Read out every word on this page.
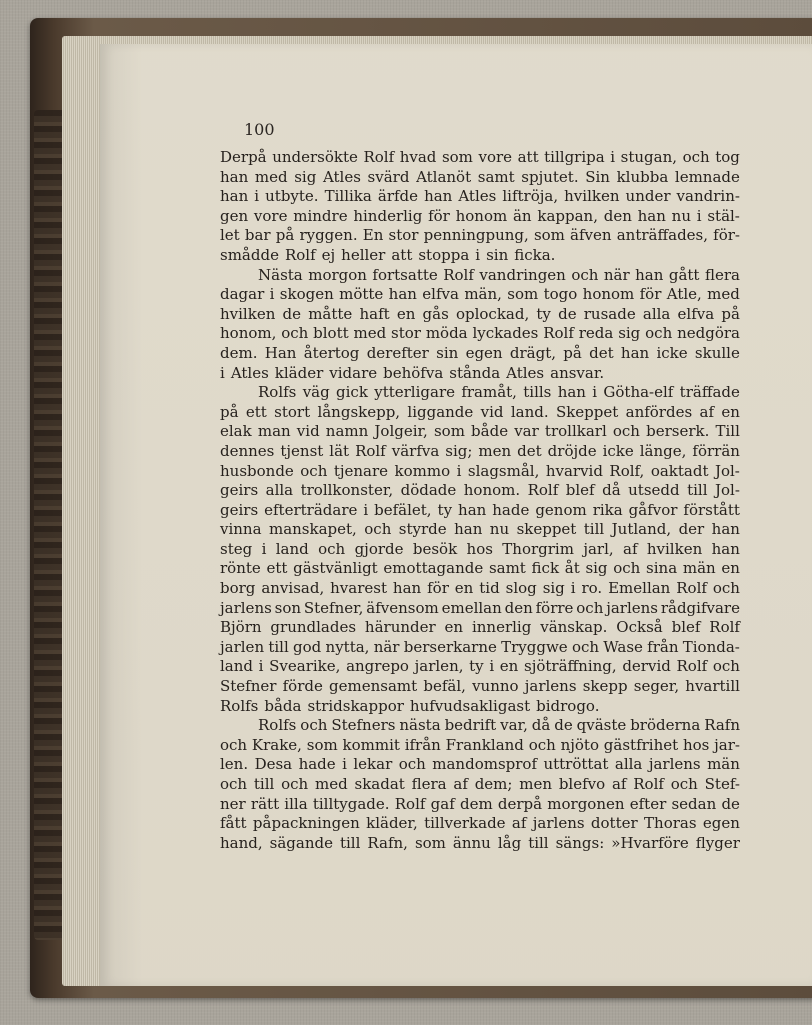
100
Derpå undersökte Rolf hvad som vore att tillgripa i stugan, och tog
han med sig Atles svärd Atlanöt samt spjutet. Sin klubba lemnade
han i utbyte. Tillika ärfde han Atles liftröja, hvilken under vandrin-
gen vore mindre hinderlig för honom än kappan, den han nu i stäl-
let bar på ryggen. En stor penningpung, som äfven anträffades, för-
smådde Rolf ej heller att stoppa i sin ficka.
Nästa morgon fortsatte Rolf vandringen och när han gått flera
dagar i skogen mötte han elfva män, som togo honom för Atle, med
hvilken de måtte haft en gås oplockad, ty de rusade alla elfva på
honom, och blott med stor möda lyckades Rolf reda sig och nedgöra
dem. Han återtog derefter sin egen drägt, på det han icke skulle
i Atles kläder vidare behöfva stånda Atles ansvar.
Rolfs väg gick ytterligare framåt, tills han i Götha-elf träffade
på ett stort långskepp, liggande vid land. Skeppet anfördes af en
elak man vid namn Jolgeir, som både var trollkarl och berserk. Till
dennes tjenst lät Rolf värfva sig; men det dröjde icke länge, förrän
husbonde och tjenare kommo i slagsmål, hvarvid Rolf, oaktadt Jol-
geirs alla trollkonster, dödade honom. Rolf blef då utsedd till Jol-
geirs efterträdare i befälet, ty han hade genom rika gåfvor förstått
vinna manskapet, och styrde han nu skeppet till Jutland, der han
steg i land och gjorde besök hos Thorgrim jarl, af hvilken han
rönte ett gästvänligt emottagande samt fick åt sig och sina män en
borg anvisad, hvarest han för en tid slog sig i ro. Emellan Rolf och
jarlens son Stefner, äfvensom emellan den förre och jarlens rådgifvare
Björn grundlades härunder en innerlig vänskap. Också blef Rolf
jarlen till god nytta, när berserkarne Tryggwe och Wase från Tionda-
land i Svearike, angrepo jarlen, ty i en sjöträffning, dervid Rolf och
Stefner förde gemensamt befäl, vunno jarlens skepp seger, hvartill
Rolfs båda stridskappor hufvudsakligast bidrogo.
Rolfs och Stefners nästa bedrift var, då de qväste bröderna Rafn
och Krake, som kommit ifrån Frankland och njöto gästfrihet hos jar-
len. Desa hade i lekar och mandomsprof uttröttat alla jarlens män
och till och med skadat flera af dem; men blefvo af Rolf och Stef-
ner rätt illa tilltygade. Rolf gaf dem derpå morgonen efter sedan de
fått påpackningen kläder, tillverkade af jarlens dotter Thoras egen
hand, sägande till Rafn, som ännu låg till sängs: »Hvarföre flyger
